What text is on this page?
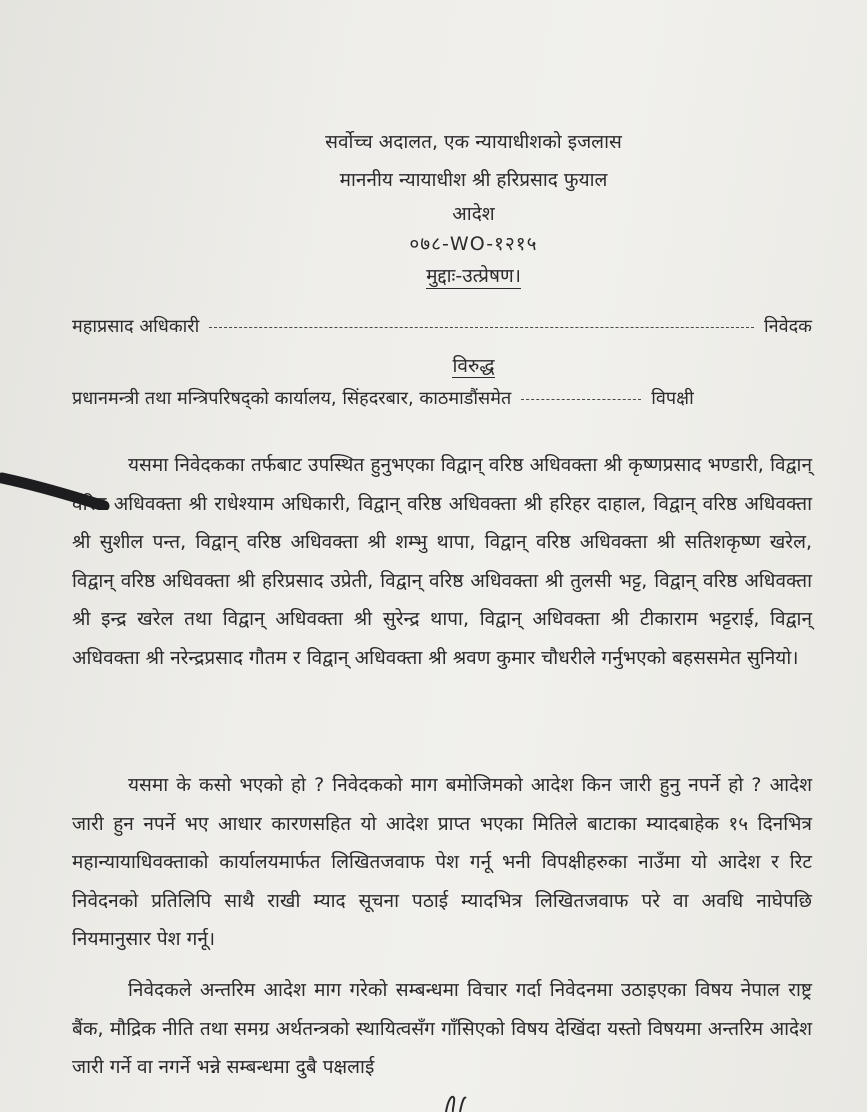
सर्वोच्च अदालत, एक न्यायाधीशको इजलास
माननीय न्यायाधीश श्री हरिप्रसाद फुयाल
आदेश
०७८-WO-१२१५
मुद्दाः-उत्प्रेषण।
महाप्रसाद अधिकारी	निवेदक
विरुद्ध
प्रधानमन्त्री तथा मन्त्रिपरिषद्को कार्यालय, सिंहदरबार, काठमाडौंसमेत	विपक्षी
यसमा निवेदकका तर्फबाट उपस्थित हुनुभएका विद्वान् वरिष्ठ अधिवक्ता श्री कृष्णप्रसाद भण्डारी, विद्वान् वरिष्ठ अधिवक्ता श्री राधेश्याम अधिकारी, विद्वान् वरिष्ठ अधिवक्ता श्री हरिहर दाहाल, विद्वान् वरिष्ठ अधिवक्ता श्री सुशील पन्त, विद्वान् वरिष्ठ अधिवक्ता श्री शम्भु थापा, विद्वान् वरिष्ठ अधिवक्ता श्री सतिशकृष्ण खरेल, विद्वान् वरिष्ठ अधिवक्ता श्री हरिप्रसाद उप्रेती, विद्वान् वरिष्ठ अधिवक्ता श्री तुलसी भट्ट, विद्वान् वरिष्ठ अधिवक्ता श्री इन्द्र खरेल तथा विद्वान् अधिवक्ता श्री सुरेन्द्र थापा, विद्वान् अधिवक्ता श्री टीकाराम भट्टराई, विद्वान् अधिवक्ता श्री नरेन्द्रप्रसाद गौतम र विद्वान् अधिवक्ता श्री श्रवण कुमार चौधरीले गर्नुभएको बहससमेत सुनियो।
यसमा के कसो भएको हो ? निवेदकको माग बमोजिमको आदेश किन जारी हुनु नपर्ने हो ? आदेश जारी हुन नपर्ने भए आधार कारणसहित यो आदेश प्राप्त भएका मितिले बाटाका म्यादबाहेक १५ दिनभित्र महान्यायाधिवक्ताको कार्यालयमार्फत लिखितजवाफ पेश गर्नू भनी विपक्षीहरुका नाउँमा यो आदेश र रिट निवेदनको प्रतिलिपि साथै राखी म्याद सूचना पठाई म्यादभित्र लिखितजवाफ परे वा अवधि नाघेपछि नियमानुसार पेश गर्नू।
निवेदकले अन्तरिम आदेश माग गरेको सम्बन्धमा विचार गर्दा निवेदनमा उठाइएका विषय नेपाल राष्ट्र बैंक, मौद्रिक नीति तथा समग्र अर्थतन्त्रको स्थायित्वसँग गाँसिएको विषय देखिंदा यस्तो विषयमा अन्तरिम आदेश जारी गर्ने वा नगर्ने भन्ने सम्बन्धमा दुबै पक्षलाई
